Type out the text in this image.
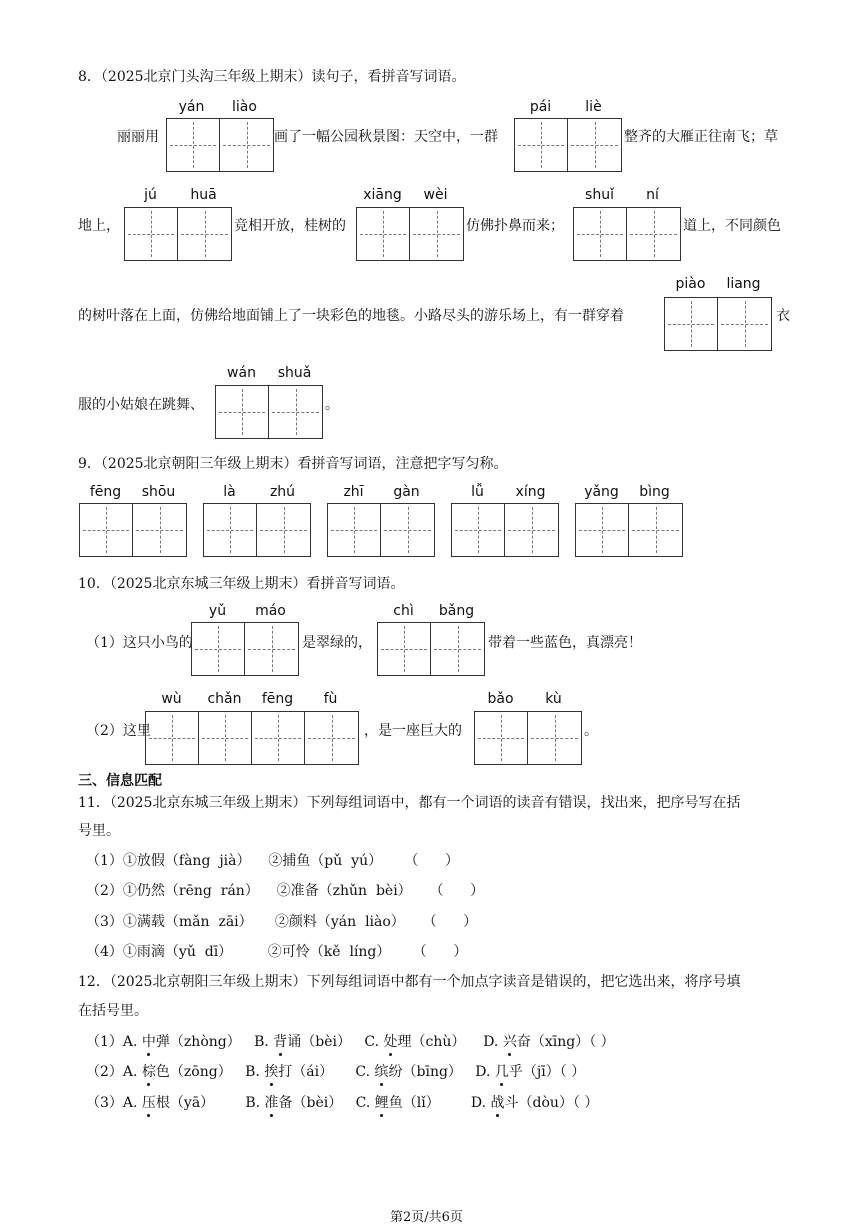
8．（2025北京门头沟三年级上期末）读句子，看拼音写词语。
yán	liào
丽丽用	画了一幅公园秋景图：天空中，一群
pái	liè
整齐的大雁正往南飞；草
jú	huā
地上，	竞相开放，桂树的
xiāng	wèi
仿佛扑鼻而来；
shuǐ	ní
道上，不同颜色
piào	liang
的树叶落在上面，仿佛给地面铺上了一块彩色的地毯。小路尽头的游乐场上，有一群穿着	衣
wán	shuǎ
服的小姑娘在跳舞、	。
9．（2025北京朝阳三年级上期末）看拼音写词语，注意把字写匀称。
fēng	shōu	là	zhú	zhī	gàn	lǚ	xíng	yǎng	bìng
10．（2025北京东城三年级上期末）看拼音写词语。
yǔ	máo
（1）这只小鸟的	是翠绿的，
chì	bǎng
带着一些蓝色，真漂亮！
wù	chǎn	fēng	fù
（2）这里	，是一座巨大的
bǎo	kù
。
三、信息匹配
11．（2025北京东城三年级上期末）下列每组词语中，都有一个词语的读音有错误，找出来，把序号写在括
号里。
（1）①放假（fàng  jià）    ②捕鱼（pǔ  yú）     （      ）
（2）①仍然（rēng  rán）    ②准备（zhǔn  bèi）    （      ）
（3）①满载（mǎn  zāi）     ②颜料（yán  liào）    （      ）
（4）①雨滴（yǔ  dī）        ②可怜（kě  líng）     （      ）
12．（2025北京朝阳三年级上期末）下列每组词语中都有一个加点字读音是错误的，把它选出来，将序号填
在括号里。
（1）A. 中弹（zhòng） B. 背诵（bèi） C. 处理（chù） D. 兴奋（xīng）（ ）
（2）A. 棕色（zōng） B. 挨打（ái） C. 缤纷（bīng） D. 几乎（jī）（ ）
（3）A. 压根（yā） B. 准备（bèi） C. 鲤鱼（lǐ） D. 战斗（dòu）（ ）
第2页/共6页
